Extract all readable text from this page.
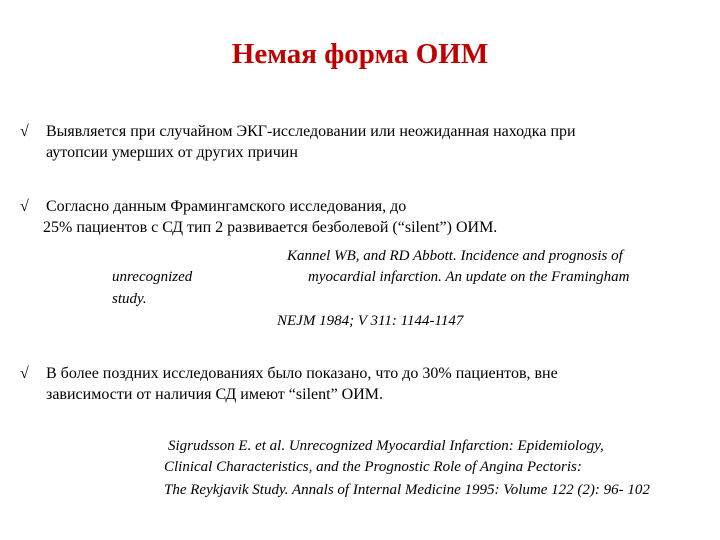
Немая форма ОИМ
√	Выявляется при случайном ЭКГ-исследовании или неожиданная находка при
аутопсии умерших от других причин
√	Согласно данным Фрамингамского исследования, до
25% пациентов с СД тип 2 развивается безболевой (“silent”) ОИМ.
Kannel WB, and RD Abbott. Incidence and prognosis of
unrecognized	myocardial infarction. An update on the Framingham
study.
NEJM 1984; V 311: 1144-1147
√	В более поздних исследованиях было показано, что до 30% пациентов, вне
зависимости от наличия СД имеют “silent” ОИМ.
Sigrudsson E. et al. Unrecognized Myocardial Infarction: Epidemiology,
Clinical Characteristics, and the Prognostic Role of Angina Pectoris:
The Reykjavik Study. Annals of Internal Medicine 1995: Volume 122 (2): 96- 102
